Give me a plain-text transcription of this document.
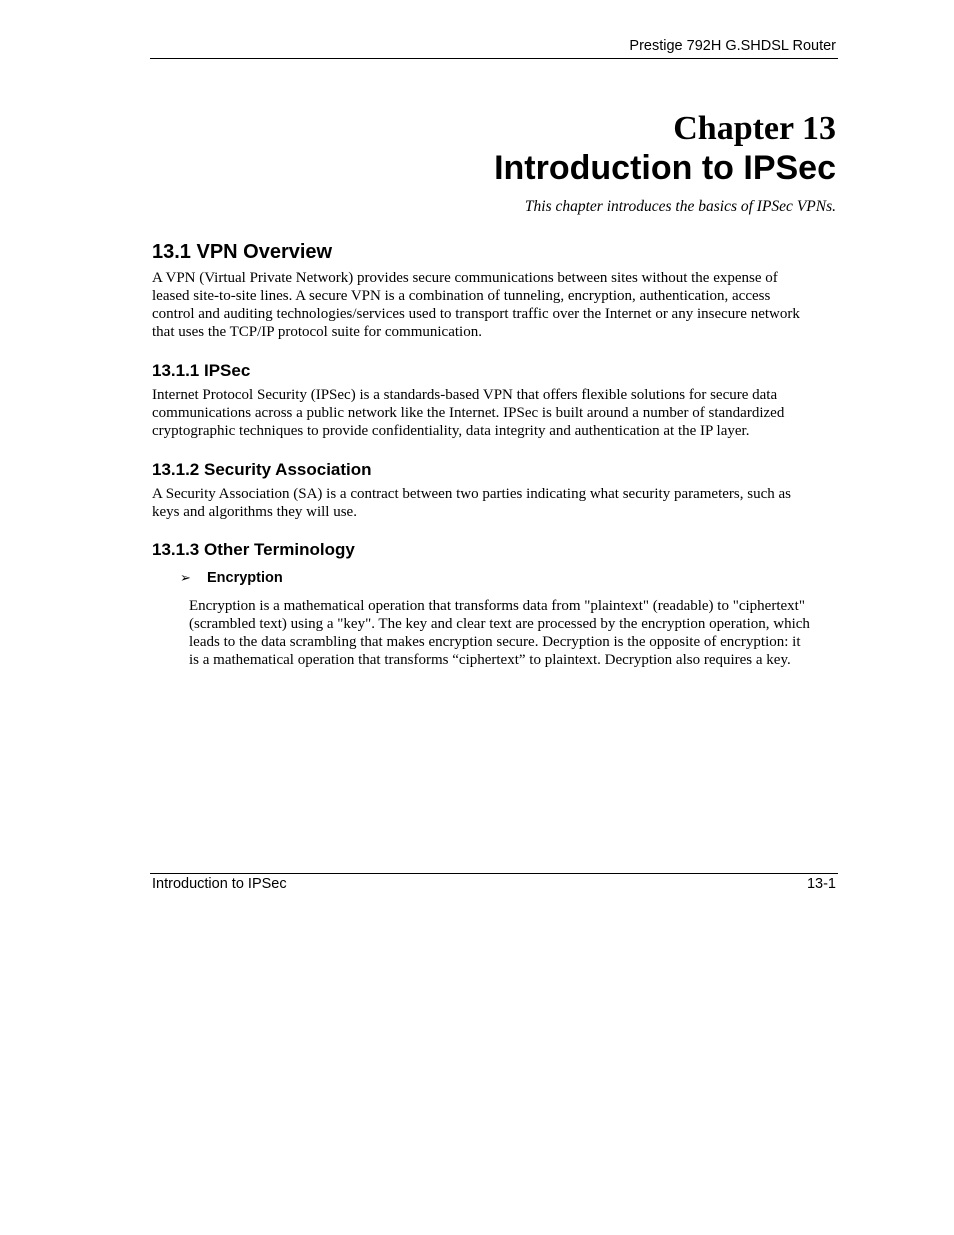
Prestige 792H G.SHDSL Router
Chapter 13
Introduction to IPSec
This chapter introduces the basics of IPSec VPNs.
13.1 VPN Overview
A VPN (Virtual Private Network) provides secure communications between sites without the expense of
leased site-to-site lines. A secure VPN is a combination of tunneling, encryption, authentication, access
control and auditing technologies/services used to transport traffic over the Internet or any insecure network
that uses the TCP/IP protocol suite for communication.
13.1.1 IPSec
Internet Protocol Security (IPSec) is a standards-based VPN that offers flexible solutions for secure data
communications across a public network like the Internet. IPSec is built around a number of standardized
cryptographic techniques to provide confidentiality, data integrity and authentication at the IP layer.
13.1.2 Security Association
A Security Association (SA) is a contract between two parties indicating what security parameters, such as
keys and algorithms they will use.
13.1.3 Other Terminology
➢ Encryption
Encryption is a mathematical operation that transforms data from "plaintext" (readable) to "ciphertext"
(scrambled text) using a "key". The key and clear text are processed by the encryption operation, which
leads to the data scrambling that makes encryption secure. Decryption is the opposite of encryption: it
is a mathematical operation that transforms “ciphertext” to plaintext. Decryption also requires a key.
Introduction to IPSec	13-1
